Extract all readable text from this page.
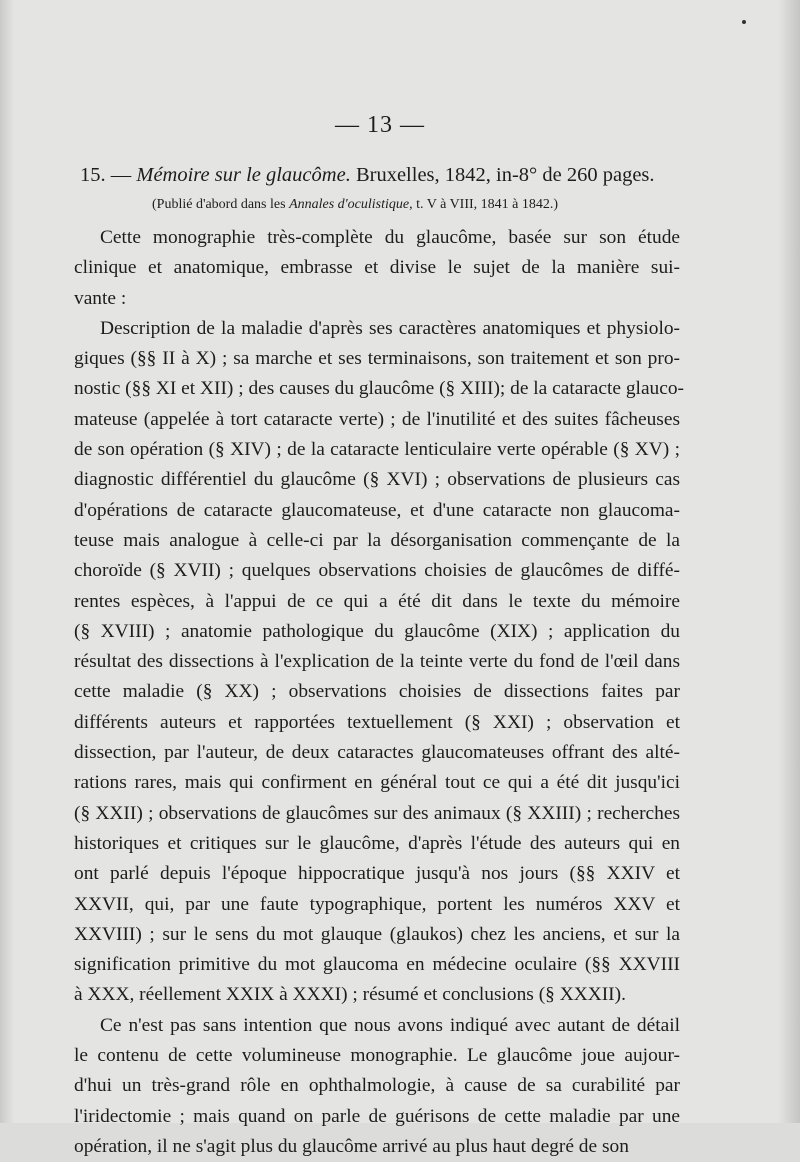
— 13 —
15. — Mémoire sur le glaucôme. Bruxelles, 1842, in-8° de 260 pages.
(Publié d'abord dans les Annales d'oculistique, t. V à VIII, 1841 à 1842.)
Cette monographie très-complète du glaucôme, basée sur son étude
clinique et anatomique, embrasse et divise le sujet de la manière sui-
vante :
Description de la maladie d'après ses caractères anatomiques et physiolo-
giques (§§ II à X) ; sa marche et ses terminaisons, son traitement et son pro-
nostic (§§ XI et XII) ; des causes du glaucôme (§ XIII); de la cataracte glauco-
mateuse (appelée à tort cataracte verte) ; de l'inutilité et des suites fâcheuses
de son opération (§ XIV) ; de la cataracte lenticulaire verte opérable (§ XV) ;
diagnostic différentiel du glaucôme (§ XVI) ; observations de plusieurs cas
d'opérations de cataracte glaucomateuse, et d'une cataracte non glaucoma-
teuse mais analogue à celle-ci par la désorganisation commençante de la
choroïde (§ XVII) ; quelques observations choisies de glaucômes de diffé-
rentes espèces, à l'appui de ce qui a été dit dans le texte du mémoire
(§ XVIII) ; anatomie pathologique du glaucôme (XIX) ; application du
résultat des dissections à l'explication de la teinte verte du fond de l'œil dans
cette maladie (§ XX) ; observations choisies de dissections faites par
différents auteurs et rapportées textuellement (§ XXI) ; observation et
dissection, par l'auteur, de deux cataractes glaucomateuses offrant des alté-
rations rares, mais qui confirment en général tout ce qui a été dit jusqu'ici
(§ XXII) ; observations de glaucômes sur des animaux (§ XXIII) ; recherches
historiques et critiques sur le glaucôme, d'après l'étude des auteurs qui en
ont parlé depuis l'époque hippocratique jusqu'à nos jours (§§ XXIV et
XXVII, qui, par une faute typographique, portent les numéros XXV et
XXVIII) ; sur le sens du mot glauque (glaukos) chez les anciens, et sur la
signification primitive du mot glaucoma en médecine oculaire (§§ XXVIII
à XXX, réellement XXIX à XXXI) ; résumé et conclusions (§ XXXII).
Ce n'est pas sans intention que nous avons indiqué avec autant de détail
le contenu de cette volumineuse monographie. Le glaucôme joue aujour-
d'hui un très-grand rôle en ophthalmologie, à cause de sa curabilité par
l'iridectomie ; mais quand on parle de guérisons de cette maladie par une
opération, il ne s'agit plus du glaucôme arrivé au plus haut degré de son
